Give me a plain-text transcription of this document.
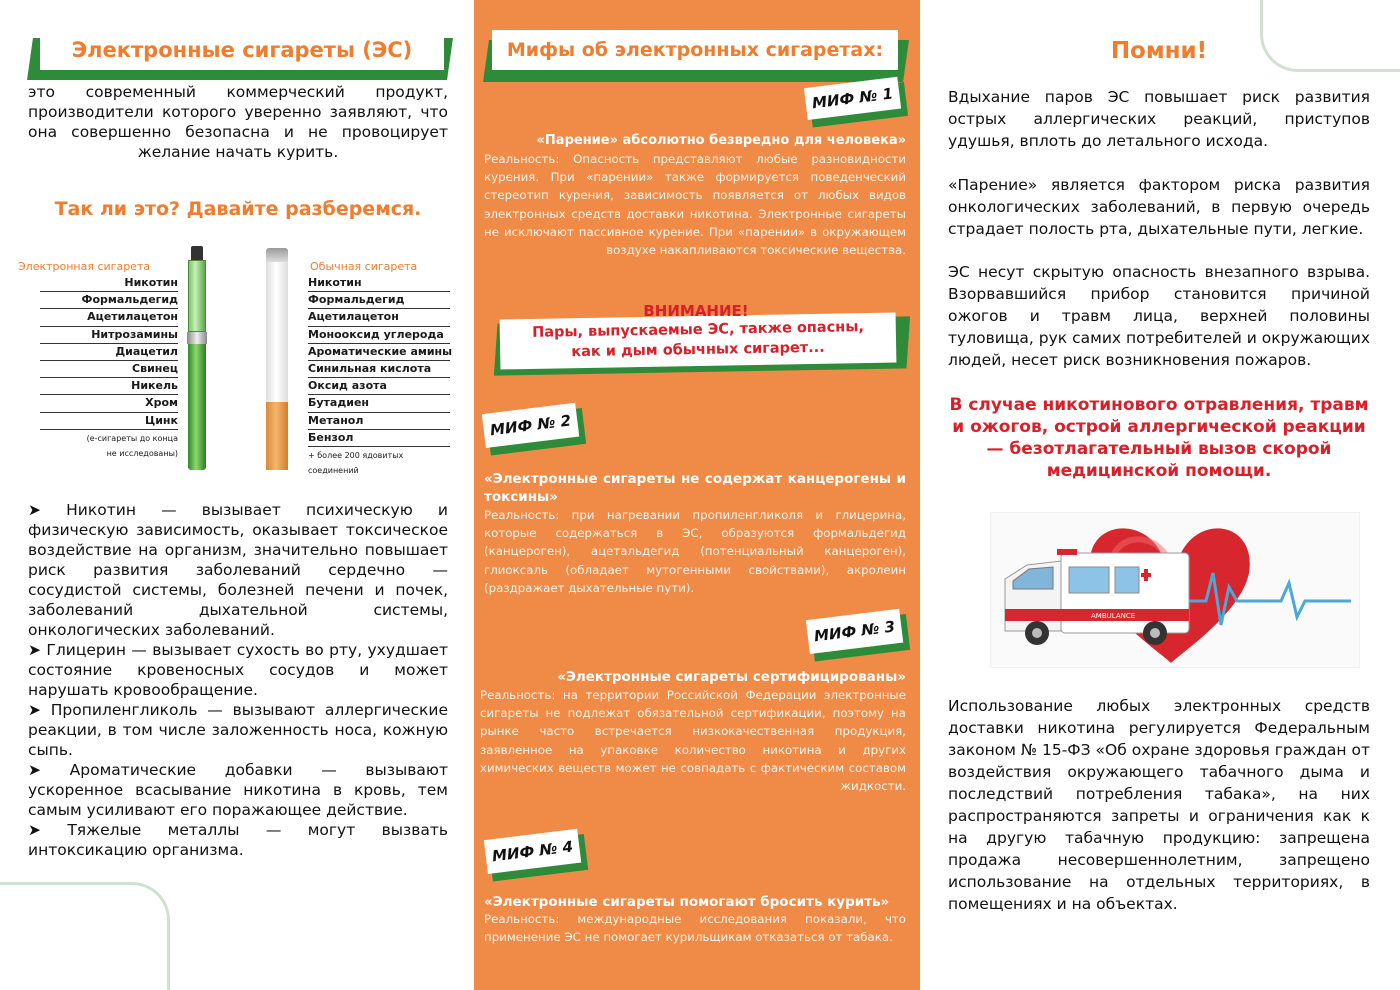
Электронные сигареты (ЭС)

это современный коммерческий продукт, производители которого уверенно заявляют, что она совершенно безопасна и не провоцирует желание начать курить.

Так ли это? Давайте разберемся.
Электронная сигарета
Никотин
Формальдегид
Ацетилацетон
Нитрозамины
Диацетил
Свинец
Никель
Хром
Цинк
(е-сигареты до конца
не исследованы)
Обычная сигарета
Никотин
Формальдегид
Ацетилацетон
Монооксид углерода
Ароматические амины
Синильная кислота
Оксид азота
Бутадиен
Метанол
Бензол
+ более 200 ядовитых
соединений

➤ Никотин — вызывает психическую и физическую зависимость, оказывает токсическое воздействие на организм, значительно повышает риск развития заболеваний сердечно — сосудистой системы, болезней печени и почек, заболеваний дыхательной системы, онкологических заболеваний.

➤ Глицерин — вызывает сухость во рту, ухудшает состояние кровеносных сосудов и может нарушать кровообращение.

➤ Пропиленгликоль — вызывают аллергические реакции, в том числе заложенность носа, кожную сыпь.

➤ Ароматические добавки — вызывают ускоренное всасывание никотина в кровь, тем самым усиливают его поражающее действие.

➤ Тяжелые металлы — могут вызвать интоксикацию организма.

Мифы об электронных сигаретах:
МИФ № 1
«Парение» абсолютно безвредно для человека»

Реальность: Опасность представляют любые разновидности курения. При «парении» также формируется поведенческий стереотип курения, зависимость появляется от любых видов электронных средств доставки никотина. Электронные сигареты не исключают пассивное курение. При «парении» в окружающем воздухе накапливаются токсические вещества.

ВНИМАНИЕ!
Пары, выпускаемые ЭС, также опасны,
как и дым обычных сигарет...
МИФ № 2
«Электронные сигареты не содержат канцерогены и токсины»

Реальность: при нагревании пропиленгликоля и глицерина, которые содержаться в ЭС, образуются формальдегид (канцероген), ацетальдегид (потенциальный канцероген), глиоксаль (обладает мутогенными свойствами), акролеин (раздражает дыхательные пути).

МИФ № 3
«Электронные сигареты сертифицированы»

Реальность: на территории Российской Федерации электронные сигареты не подлежат обязательной сертификации, поэтому на рынке часто встречается низкокачественная продукция, заявленное на упаковке количество никотина и других химических веществ может не совпадать с фактическим составом жидкости.

МИФ № 4
«Электронные сигареты помогают бросить курить»

Реальность: международные исследования показали, что применение ЭС не помогает курильщикам отказаться от табака.

Помни!

Вдыхание паров ЭС повышает риск развития острых аллергических реакций, приступов удушья, вплоть до летального исхода.

«Парение» является фактором риска развития онкологических заболеваний, в первую очередь страдает полость рта, дыхательные пути, легкие.

ЭС несут скрытую опасность внезапного взрыва. Взорвавшийся прибор становится причиной ожогов и травм лица, верхней половины туловища, рук самих потребителей и окружающих людей, несет риск возникновения пожаров.

В случае никотинового отравления, травм и ожогов, острой аллергической реакции — безотлагательный вызов скорой медицинской помощи.

AMBULANCE

Использование любых электронных средств доставки никотина регулируется Федеральным законом № 15-ФЗ «Об охране здоровья граждан от воздействия окружающего табачного дыма и последствий потребления табака», на них распространяются запреты и ограничения как к на другую табачную продукцию: запрещена продажа несовершеннолетним, запрещено использование на отдельных территориях, в помещениях и на объектах.
